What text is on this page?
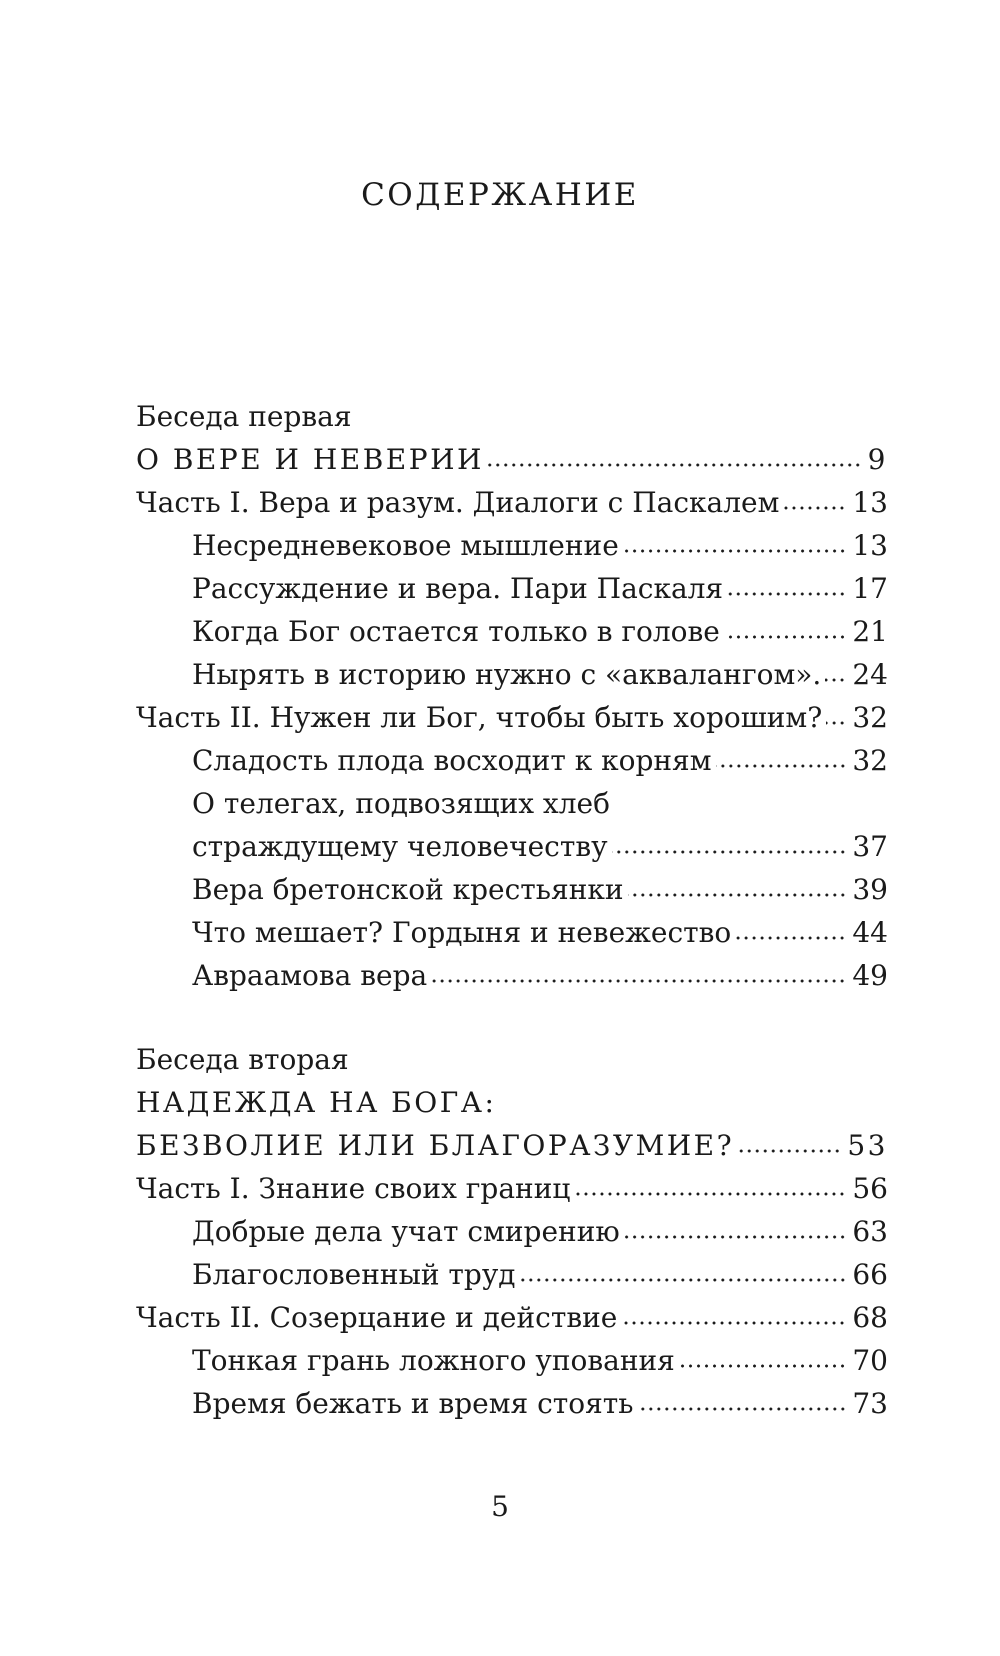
СОДЕРЖАНИЕ
Беседа первая
О ВЕРЕ И НЕВЕРИИ	9
Часть I. Вера и разум. Диалоги с Паскалем	13
Несредневековое мышление	13
Рассуждение и вера. Пари Паскаля	17
Когда Бог остается только в голове	21
Нырять в историю нужно с «аквалангом». 24
Часть II. Нужен ли Бог, чтобы быть хорошим? 32
Сладость плода восходит к корням	32
О телегах, подвозящих хлеб
страждущему человечеству	37
Вера бретонской крестьянки	39
Что мешает? Гордыня и невежество	44
Авраамова вера	49
Беседа вторая
НАДЕЖДА НА БОГА:
БЕЗВОЛИЕ ИЛИ БЛАГОРАЗУМИЕ?	53
Часть I. Знание своих границ	56
Добрые дела учат смирению	63
Благословенный труд	66
Часть II. Созерцание и действие	68
Тонкая грань ложного упования	70
Время бежать и время стоять	73
5
